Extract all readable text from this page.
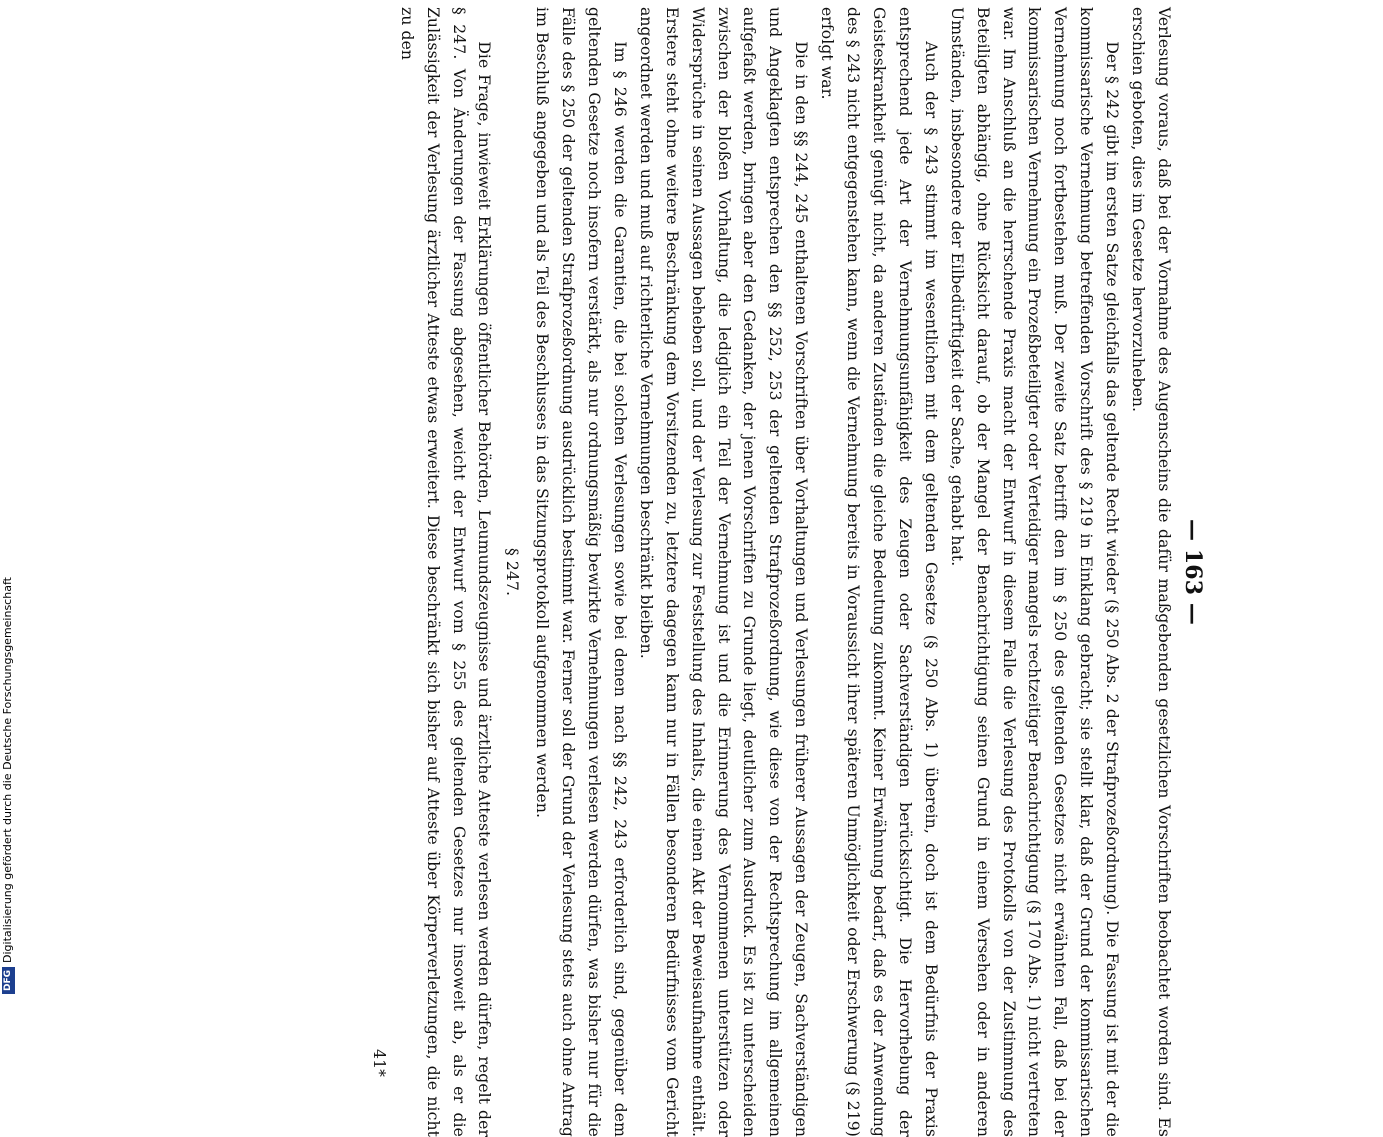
— 163 —

Verlesung voraus, daß bei der Vornahme des Augenscheins die dafür maßgebenden gesetzlichen Vorschriften beobachtet worden sind. Es erschien geboten, dies im Gesetze hervorzuheben.

Der § 242 gibt im ersten Satze gleichfalls das geltende Recht wieder (§ 250 Abs. 2 der Strafprozeßordnung). Die Fassung ist mit der die kommissarische Vernehmung betreffenden Vorschrift des § 219 in Einklang gebracht; sie stellt klar, daß der Grund der kommissarischen Vernehmung noch fortbestehen muß. Der zweite Satz betrifft den im § 250 des geltenden Gesetzes nicht erwähnten Fall, daß bei der kommissarischen Vernehmung ein Prozeßbeteiligter oder Verteidiger mangels rechtzeitiger Benachrichtigung (§ 170 Abs. 1) nicht vertreten war. Im Anschluß an die herrschende Praxis macht der Entwurf in diesem Falle die Verlesung des Protokolls von der Zustimmung des Beteiligten abhängig, ohne Rücksicht darauf, ob der Mangel der Benachrichtigung seinen Grund in einem Versehen oder in anderen Umständen, insbesondere der Eilbedürftigkeit der Sache, gehabt hat.

Auch der § 243 stimmt im wesentlichen mit dem geltenden Gesetze (§ 250 Abs. 1) überein, doch ist dem Bedürfnis der Praxis entsprechend jede Art der Vernehmungsunfähigkeit des Zeugen oder Sachverständigen berücksichtigt. Die Hervorhebung der Geisteskrankheit genügt nicht, da anderen Zuständen die gleiche Bedeutung zukommt. Keiner Erwähnung bedarf, daß es der Anwendung des § 243 nicht entgegenstehen kann, wenn die Vernehmung bereits in Voraussicht ihrer späteren Unmöglichkeit oder Erschwerung (§ 219) erfolgt war.

Die in den §§ 244, 245 enthaltenen Vorschriften über Vorhaltungen und Verlesungen früherer Aussagen der Zeugen, Sachverständigen und Angeklagten entsprechen den §§ 252, 253 der geltenden Strafprozeßordnung, wie diese von der Rechtsprechung im allgemeinen aufgefaßt werden, bringen aber den Gedanken, der jenen Vorschriften zu Grunde liegt, deutlicher zum Ausdruck. Es ist zu unterscheiden zwischen der bloßen Vorhaltung, die lediglich ein Teil der Vernehmung ist und die Erinnerung des Vernommenen unterstützen oder Widersprüche in seinen Aussagen beheben soll, und der Verlesung zur Feststellung des Inhalts, die einen Akt der Beweisaufnahme enthält. Erstere steht ohne weitere Beschränkung dem Vorsitzenden zu, letztere dagegen kann nur in Fällen besonderen Bedürfnisses vom Gericht angeordnet werden und muß auf richterliche Vernehmungen beschränkt bleiben.

Im § 246 werden die Garantien, die bei solchen Verlesungen sowie bei denen nach §§ 242, 243 erforderlich sind, gegenüber dem geltenden Gesetze noch insofern verstärkt, als nur ordnungsmäßig bewirkte Vernehmungen verlesen werden dürfen, was bisher nur für die Fälle des § 250 der geltenden Strafprozeßordnung ausdrücklich bestimmt war. Ferner soll der Grund der Verlesung stets auch ohne Antrag im Beschluß angegeben und als Teil des Beschlusses in das Sitzungsprotokoll aufgenommen werden.

§ 247.

Die Frage, inwieweit Erklärungen öffentlicher Behörden, Leumundszeugnisse und ärztliche Atteste verlesen werden dürfen, regelt der § 247. Von Änderungen der Fassung abgesehen, weicht der Entwurf vom § 255 des geltenden Gesetzes nur insoweit ab, als er die Zulässigkeit der Verlesung ärztlicher Atteste etwas erweitert. Diese beschränkt sich bisher auf Atteste über Körperverletzungen, die nicht zu den

41*
DFGDigitalisierung gefördert durch die Deutsche Forschungsgemeinschaft
